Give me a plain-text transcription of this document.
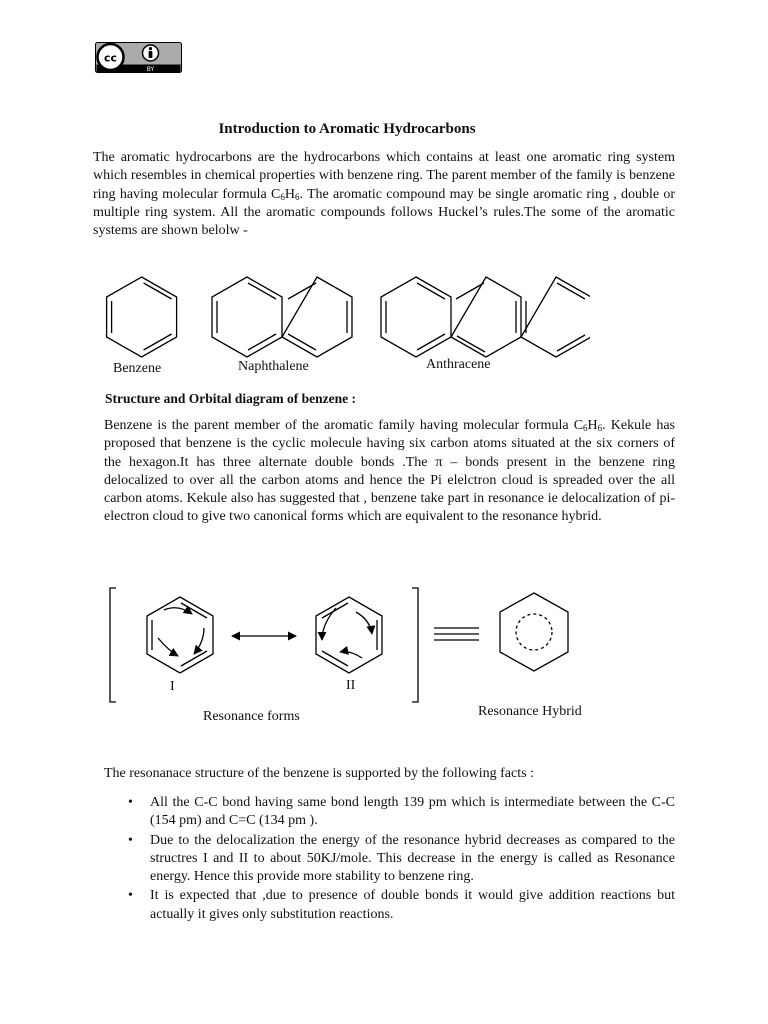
cc
BY
Introduction to Aromatic Hydrocarbons
The aromatic hydrocarbons are the hydrocarbons which contains at least one aromatic ring system which resembles in chemical properties with benzene ring. The parent member of the family is benzene ring having molecular formula $C_6H_6$. The aromatic compound may be single aromatic ring , double or multiple ring system. All the aromatic compounds follows Huckel’s rules.The some of the aromatic systems are shown belolw -
Benzene	Naphthalene	Anthracene
Structure and Orbital diagram of benzene :
Benzene is the parent member of the aromatic family having molecular formula $C_6H_6$. Kekule has proposed that benzene is the cyclic molecule having six carbon atoms situated at the six corners of the hexagon.It has three alternate double bonds .The π – bonds present in the benzene ring delocalized to over all the carbon atoms and hence the Pi elelctron cloud is spreaded over the all carbon atoms. Kekule also has suggested that , benzene take part in resonance ie delocalization of pi- electron cloud to give two canonical forms which are equivalent to the resonance hybrid.
I	II
Resonance forms	Resonance Hybrid
The resonanace structure of the benzene is supported by the following facts :
• All the C-C bond having same bond length 139 pm which is intermediate between the C-C (154 pm) and C=C (134 pm ).
• Due to the delocalization the energy of the resonance hybrid decreases as compared to the structres I and II to about 50KJ/mole. This decrease in the energy is called as Resonance energy. Hence this provide more stability to benzene ring.
• It is expected that ,due to presence of double bonds it would give addition reactions but actually it gives only substitution reactions.
